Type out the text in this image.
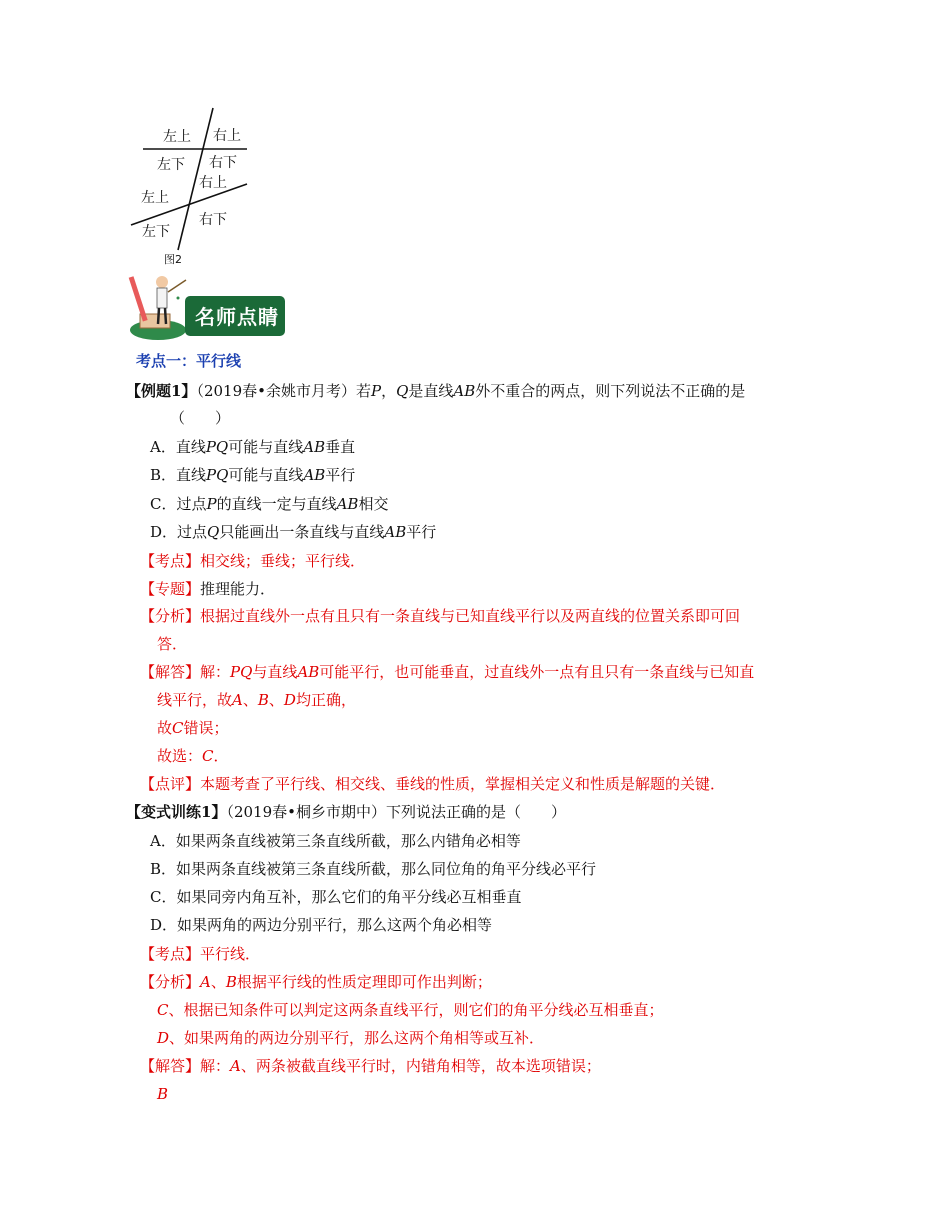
左上 右上
左下 右下
右上
左上
右下
左下
图2
名师点睛
考点一：平行线
【例题1】（2019春•余姚市月考）若P，Q是直线AB外不重合的两点，则下列说法不正确的是
（　　）
A．直线PQ可能与直线AB垂直
B．直线PQ可能与直线AB平行
C．过点P的直线一定与直线AB相交
D．过点Q只能画出一条直线与直线AB平行
【考点】相交线；垂线；平行线．
【专题】推理能力．
【分析】根据过直线外一点有且只有一条直线与已知直线平行以及两直线的位置关系即可回
答．
【解答】解：PQ与直线AB可能平行，也可能垂直，过直线外一点有且只有一条直线与已知直
线平行，故A、B、D均正确，
故C错误；
故选：C．
【点评】本题考查了平行线、相交线、垂线的性质，掌握相关定义和性质是解题的关键．
【变式训练1】（2019春•桐乡市期中）下列说法正确的是（　　）
A．如果两条直线被第三条直线所截，那么内错角必相等
B．如果两条直线被第三条直线所截，那么同位角的角平分线必平行
C．如果同旁内角互补，那么它们的角平分线必互相垂直
D．如果两角的两边分别平行，那么这两个角必相等
【考点】平行线．
【分析】A、B根据平行线的性质定理即可作出判断；
C、根据已知条件可以判定这两条直线平行，则它们的角平分线必互相垂直；
D、如果两角的两边分别平行，那么这两个角相等或互补．
【解答】解：A、两条被截直线平行时，内错角相等，故本选项错误；
B
